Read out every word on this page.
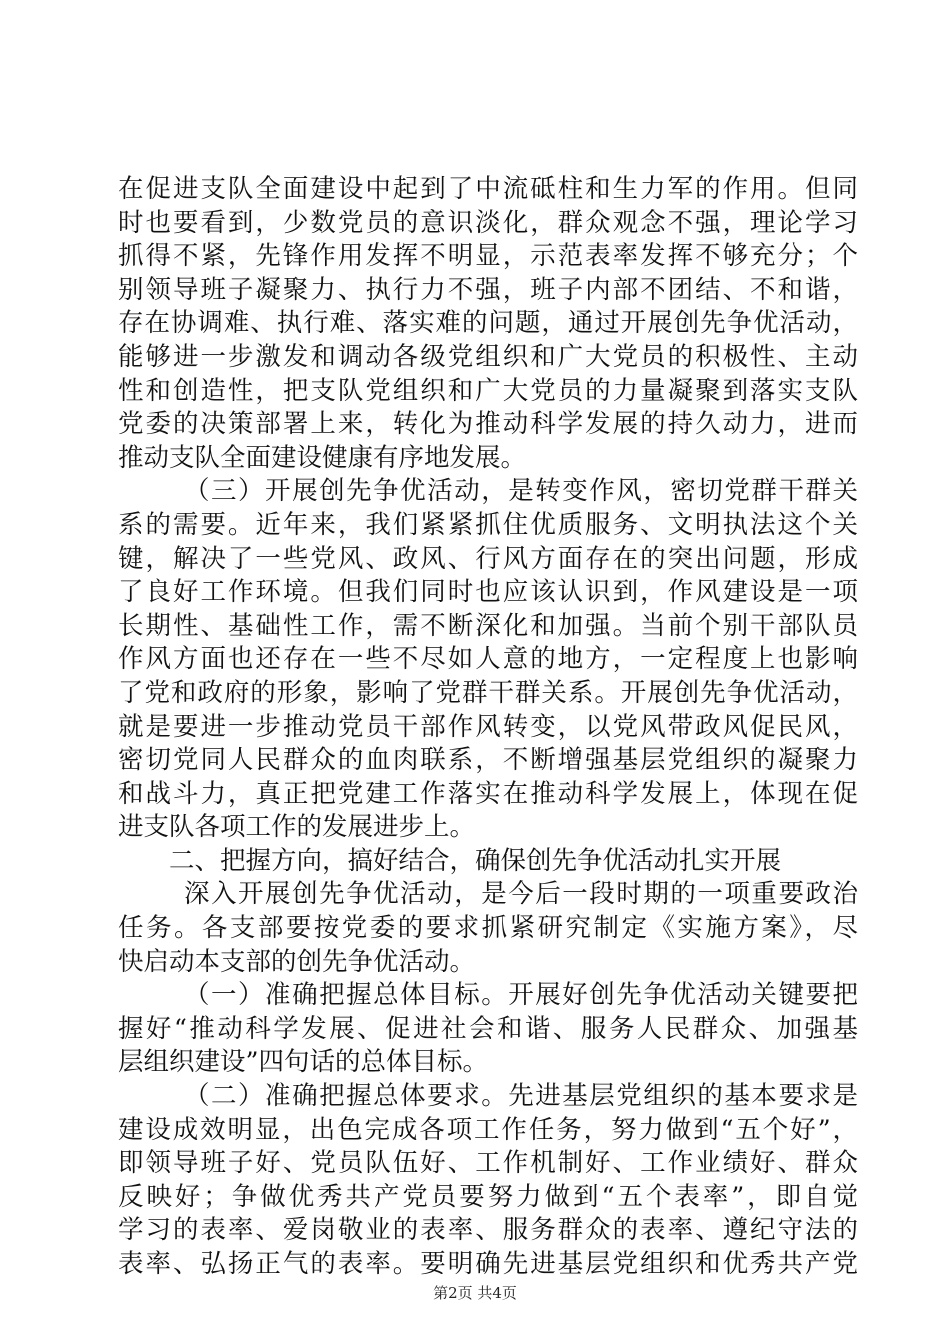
在促进支队全面建设中起到了中流砥柱和生力军的作用。但同
时也要看到，少数党员的意识淡化，群众观念不强，理论学习
抓得不紧，先锋作用发挥不明显，示范表率发挥不够充分；个
别领导班子凝聚力、执行力不强，班子内部不团结、不和谐，
存在协调难、执行难、落实难的问题，通过开展创先争优活动，
能够进一步激发和调动各级党组织和广大党员的积极性、主动
性和创造性，把支队党组织和广大党员的力量凝聚到落实支队
党委的决策部署上来，转化为推动科学发展的持久动力，进而
推动支队全面建设健康有序地发展。
（三）开展创先争优活动，是转变作风，密切党群干群关
系的需要。近年来，我们紧紧抓住优质服务、文明执法这个关
键，解决了一些党风、政风、行风方面存在的突出问题，形成
了良好工作环境。但我们同时也应该认识到，作风建设是一项
长期性、基础性工作，需不断深化和加强。当前个别干部队员
作风方面也还存在一些不尽如人意的地方，一定程度上也影响
了党和政府的形象，影响了党群干群关系。开展创先争优活动，
就是要进一步推动党员干部作风转变，以党风带政风促民风，
密切党同人民群众的血肉联系，不断增强基层党组织的凝聚力
和战斗力，真正把党建工作落实在推动科学发展上，体现在促
进支队各项工作的发展进步上。
二、把握方向，搞好结合，确保创先争优活动扎实开展
深入开展创先争优活动，是今后一段时期的一项重要政治
任务。各支部要按党委的要求抓紧研究制定《实施方案》，尽
快启动本支部的创先争优活动。
（一）准确把握总体目标。开展好创先争优活动关键要把
握好“推动科学发展、促进社会和谐、服务人民群众、加强基
层组织建设”四句话的总体目标。
（二）准确把握总体要求。先进基层党组织的基本要求是
建设成效明显，出色完成各项工作任务，努力做到“五个好”，
即领导班子好、党员队伍好、工作机制好、工作业绩好、群众
反映好；争做优秀共产党员要努力做到“五个表率”，即自觉
学习的表率、爱岗敬业的表率、服务群众的表率、遵纪守法的
表率、弘扬正气的表率。要明确先进基层党组织和优秀共产党
第2页 共4页
